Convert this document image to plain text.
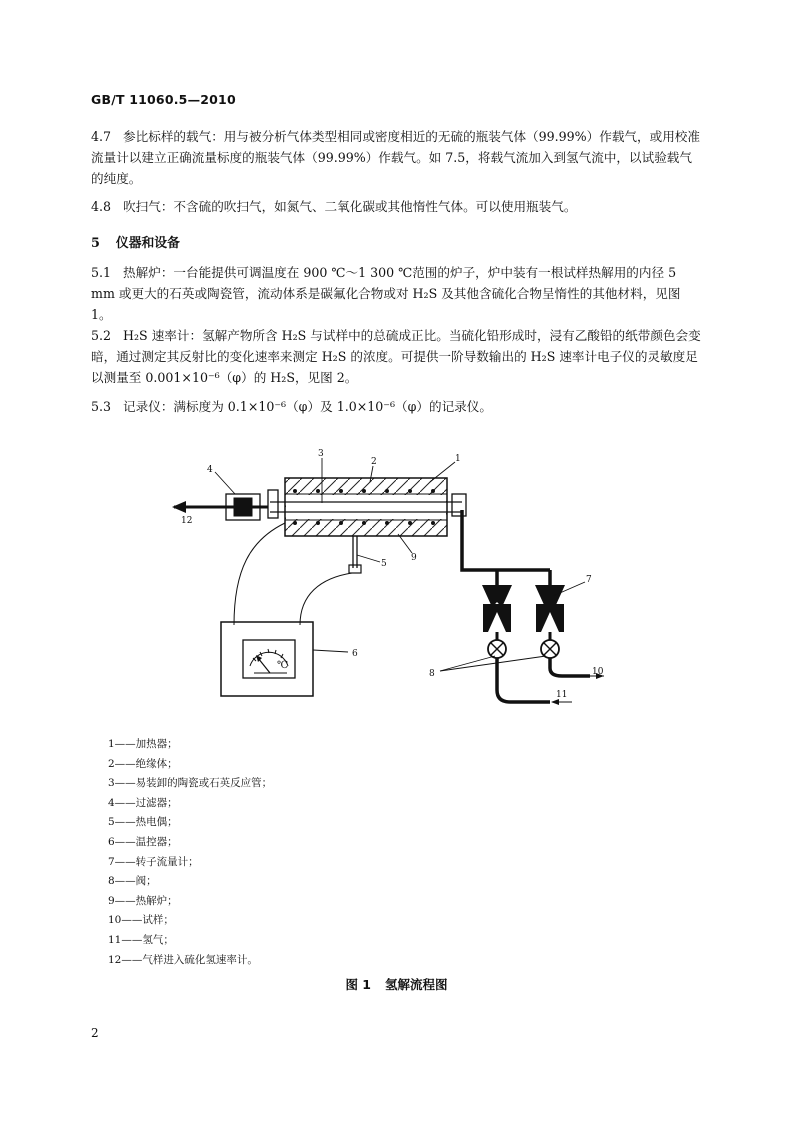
GB/T 11060.5—2010
4.7 参比标样的载气：用与被分析气体类型相同或密度相近的无硫的瓶装气体（99.99%）作载气，或用校准流量计以建立正确流量标度的瓶装气体（99.99%）作载气。如 7.5，将载气流加入到氢气流中，以试验载气的纯度。
4.8 吹扫气：不含硫的吹扫气，如氮气、二氧化碳或其他惰性气体。可以使用瓶装气。
5 仪器和设备
5.1 热解炉：一台能提供可调温度在 900 ℃～1 300 ℃范围的炉子，炉中装有一根试样热解用的内径 5 mm 或更大的石英或陶瓷管，流动体系是碳氟化合物或对 H₂S 及其他含硫化合物呈惰性的其他材料，见图 1。
5.2 H₂S 速率计：氢解产物所含 H₂S 与试样中的总硫成正比。当硫化铅形成时，浸有乙酸铅的纸带颜色会变暗，通过测定其反射比的变化速率来测定 H₂S 的浓度。可提供一阶导数输出的 H₂S 速率计电子仪的灵敏度足以测量至 0.001×10⁻⁶（φ）的 H₂S，见图 2。
5.3 记录仪：满标度为 0.1×10⁻⁶（φ）及 1.0×10⁻⁶（φ）的记录仪。
℃
1
2
3
4
5
6
7
8
9
10
11
12
1——加热器；
2——绝缘体；
3——易装卸的陶瓷或石英反应管；
4——过滤器；
5——热电偶；
6——温控器；
7——转子流量计；
8——阀；
9——热解炉；
10——试样；
11——氢气；
12——气样进入硫化氢速率计。
图 1 氢解流程图
2
